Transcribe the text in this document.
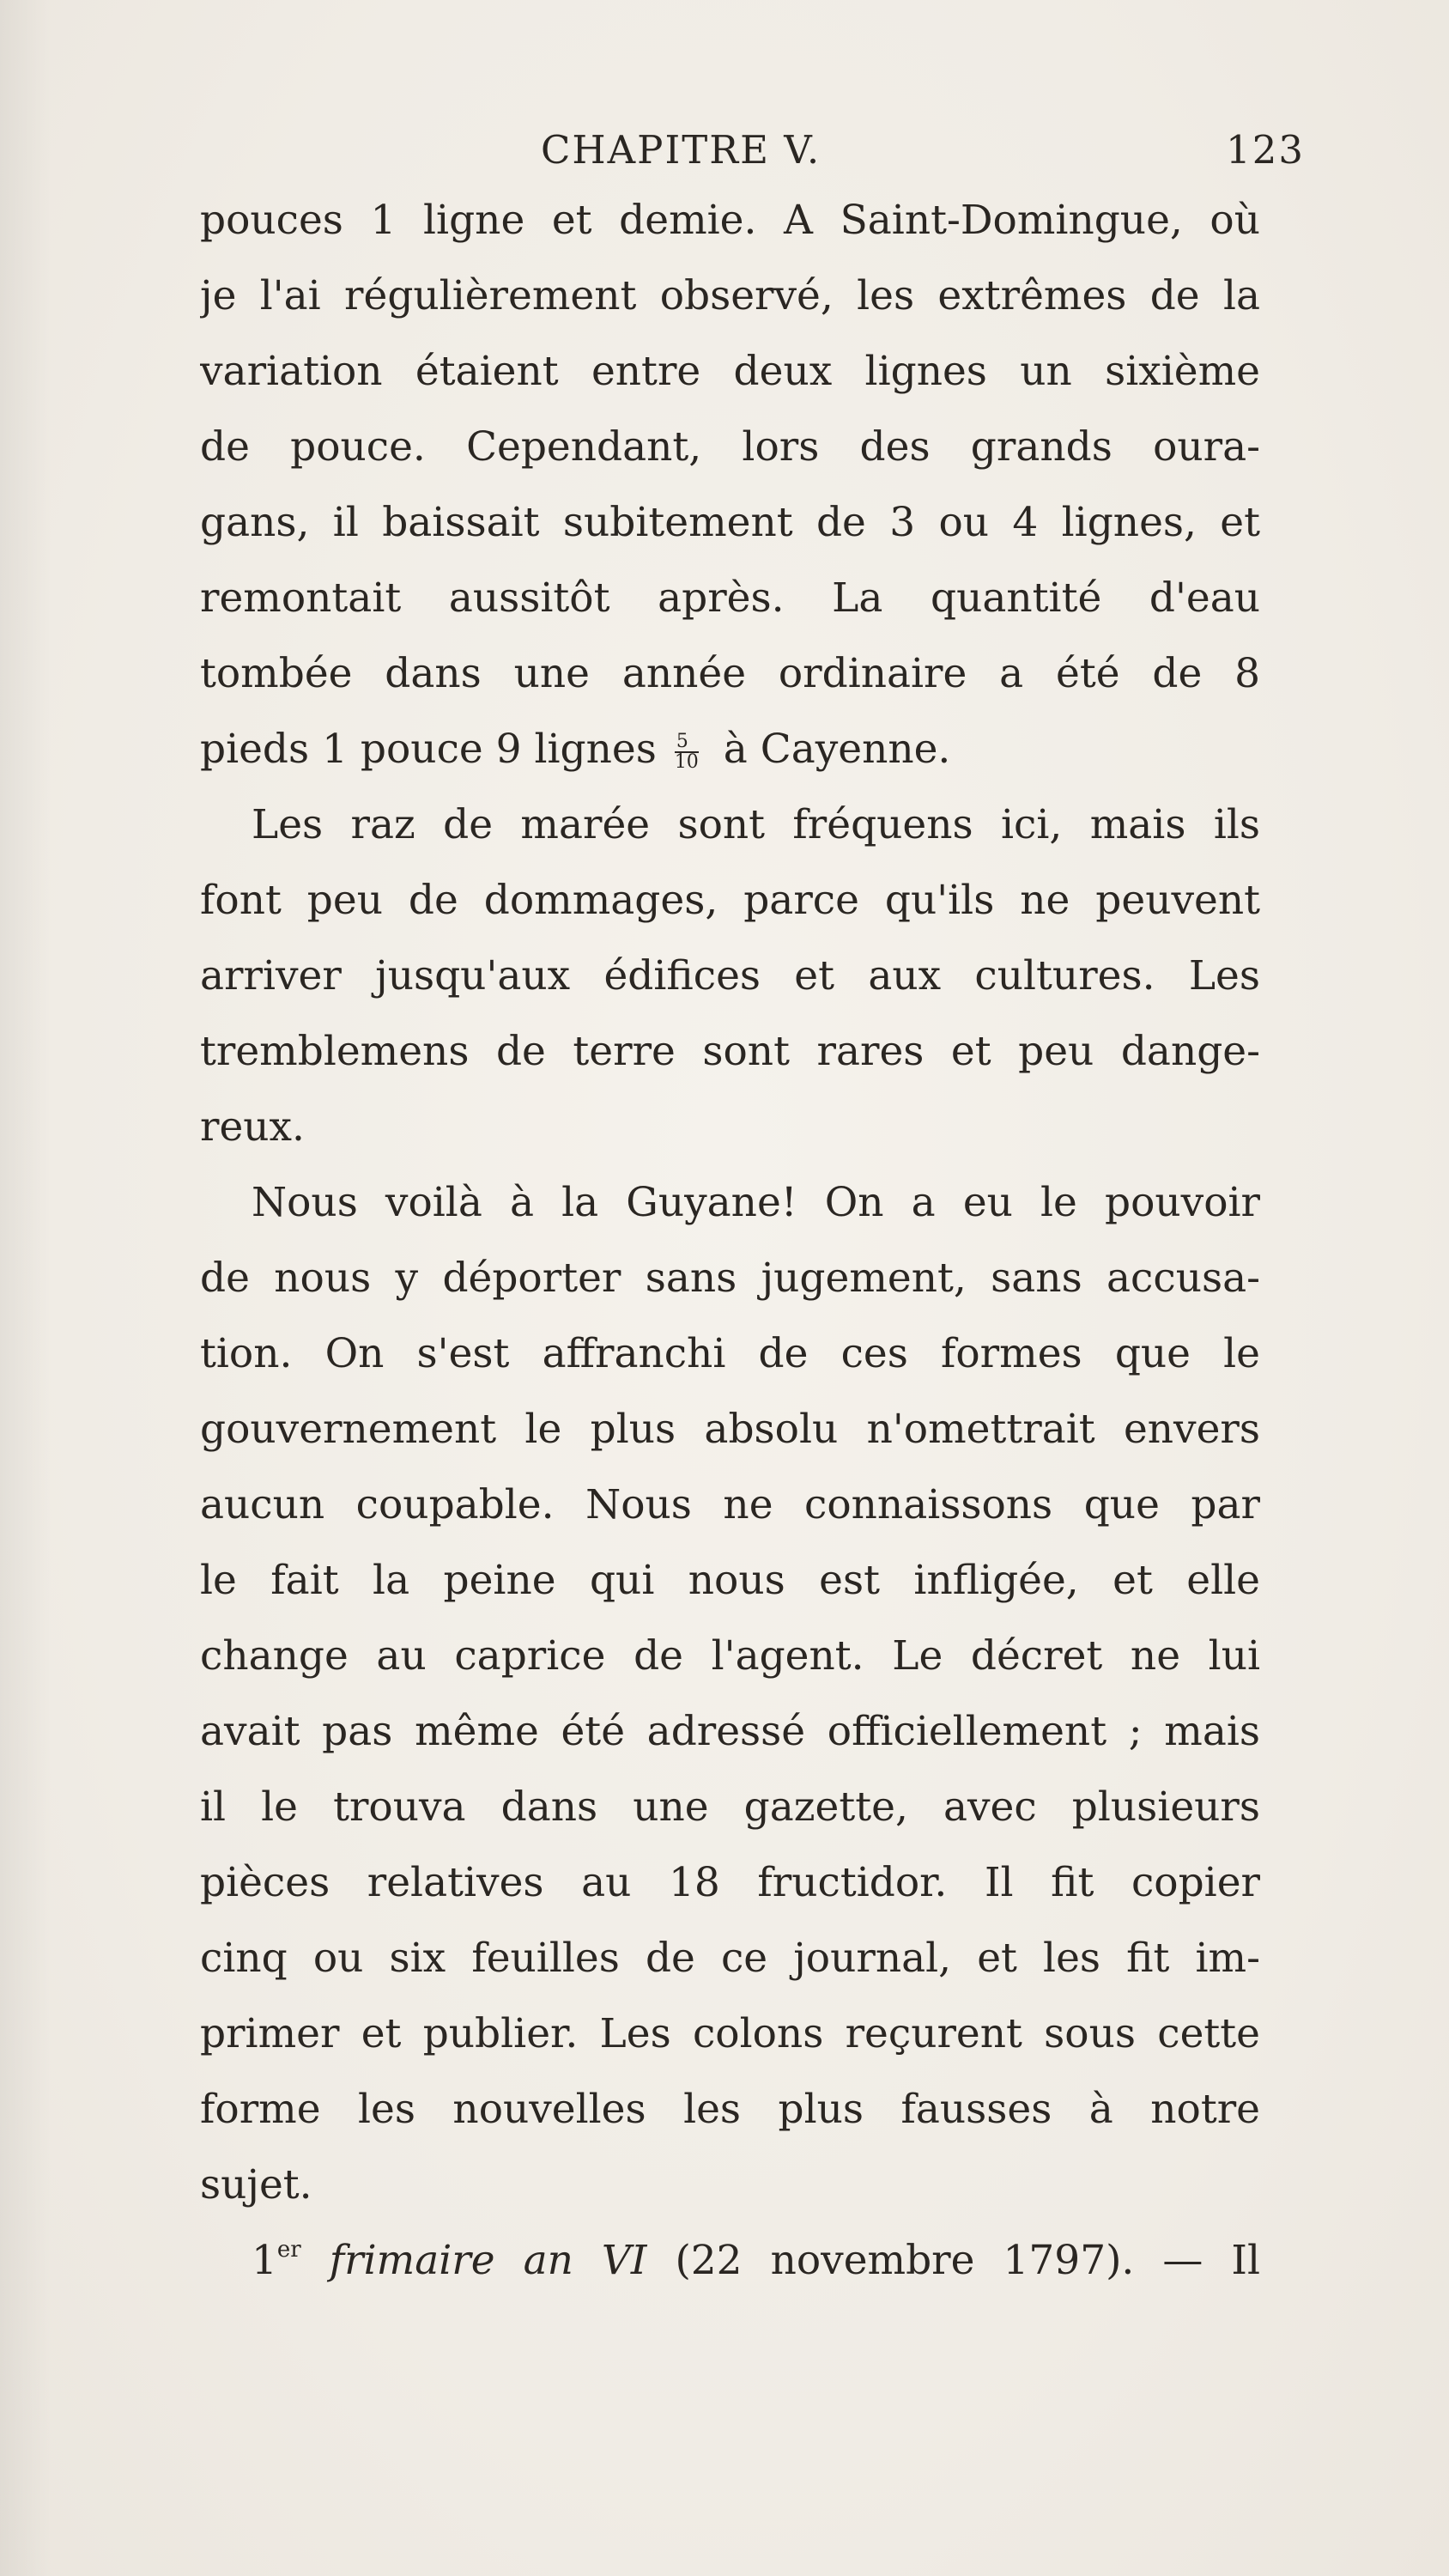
CHAPITRE V.	123
pouces 1 ligne et demie. A Saint-Domingue, où
je l'ai régulièrement observé, les extrêmes de la
variation étaient entre deux lignes un sixième
de pouce. Cependant, lors des grands oura-
gans, il baissait subitement de 3 ou 4 lignes, et
remontait aussitôt après. La quantité d'eau
tombée dans une année ordinaire a été de 8
pieds 1 pouce 9 lignes $\frac{5}{10}$ à Cayenne.
Les raz de marée sont fréquens ici, mais ils
font peu de dommages, parce qu'ils ne peuvent
arriver jusqu'aux édifices et aux cultures. Les
tremblemens de terre sont rares et peu dange-
reux.
Nous voilà à la Guyane! On a eu le pouvoir
de nous y déporter sans jugement, sans accusa-
tion. On s'est affranchi de ces formes que le
gouvernement le plus absolu n'omettrait envers
aucun coupable. Nous ne connaissons que par
le fait la peine qui nous est infligée, et elle
change au caprice de l'agent. Le décret ne lui
avait pas même été adressé officiellement ; mais
il le trouva dans une gazette, avec plusieurs
pièces relatives au 18 fructidor. Il fit copier
cinq ou six feuilles de ce journal, et les fit im-
primer et publier. Les colons reçurent sous cette
forme les nouvelles les plus fausses à notre
sujet.
1er frimaire an VI (22 novembre 1797). — Il
